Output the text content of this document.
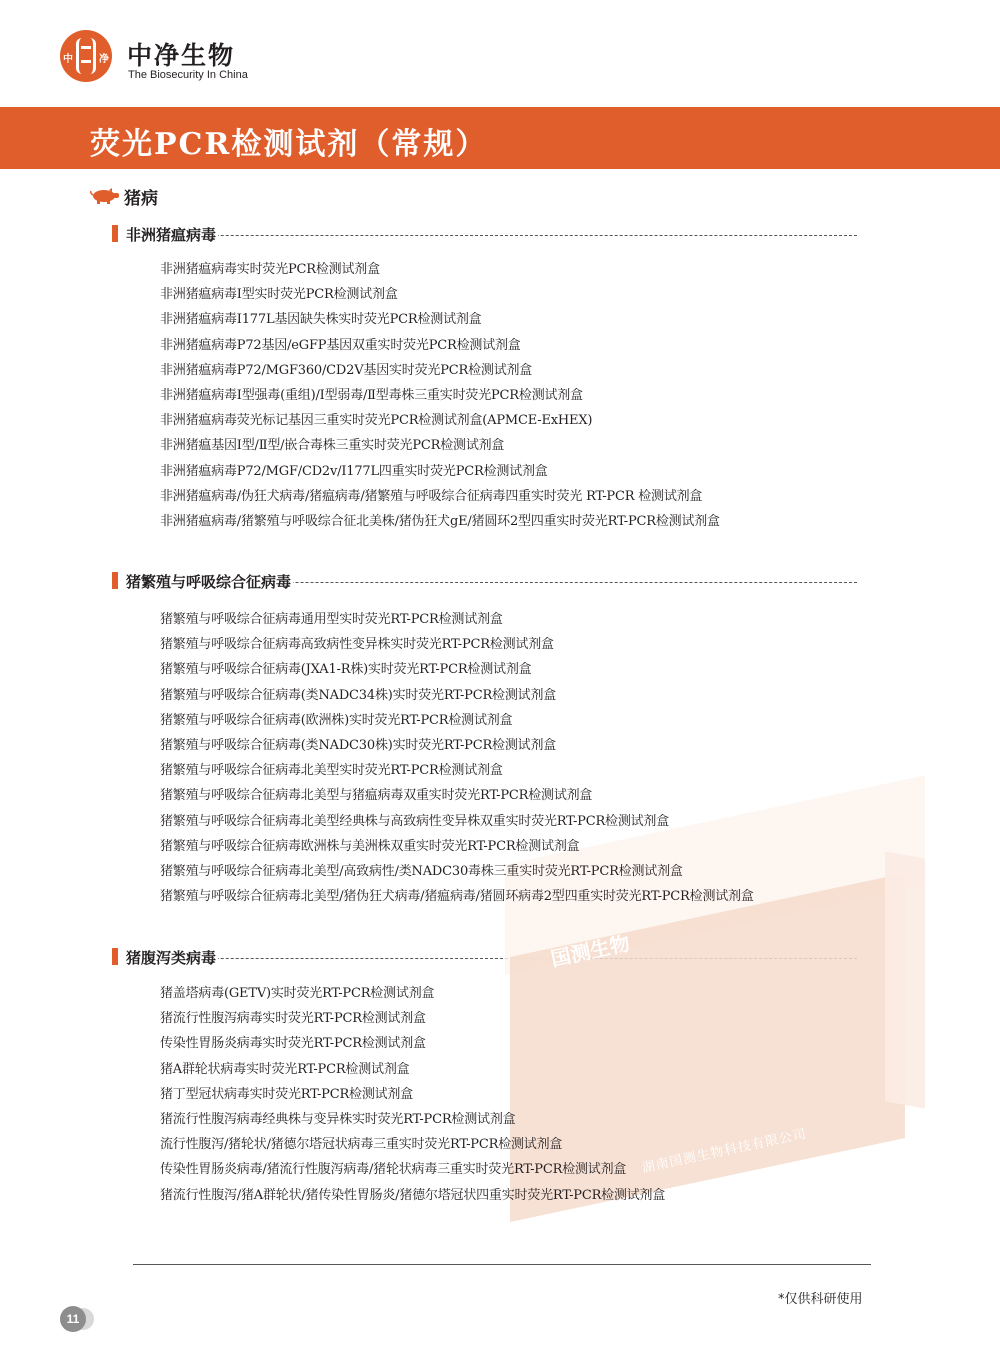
中	净 中净生物
The Biosecurity In China
荧光PCR检测试剂（常规）
猪病
非洲猪瘟病毒
非洲猪瘟病毒实时荧光PCR检测试剂盒
非洲猪瘟病毒I型实时荧光PCR检测试剂盒
非洲猪瘟病毒I177L基因缺失株实时荧光PCR检测试剂盒
非洲猪瘟病毒P72基因/eGFP基因双重实时荧光PCR检测试剂盒
非洲猪瘟病毒P72/MGF360/CD2V基因实时荧光PCR检测试剂盒
非洲猪瘟病毒I型强毒(重组)/I型弱毒/Ⅱ型毒株三重实时荧光PCR检测试剂盒
非洲猪瘟病毒荧光标记基因三重实时荧光PCR检测试剂盒(APMCE-ExHEX)
非洲猪瘟基因I型/Ⅱ型/嵌合毒株三重实时荧光PCR检测试剂盒
非洲猪瘟病毒P72/MGF/CD2v/I177L四重实时荧光PCR检测试剂盒
非洲猪瘟病毒/伪狂犬病毒/猪瘟病毒/猪繁殖与呼吸综合征病毒四重实时荧光 RT-PCR 检测试剂盒
非洲猪瘟病毒/猪繁殖与呼吸综合征北美株/猪伪狂犬gE/猪圆环2型四重实时荧光RT-PCR检测试剂盒
猪繁殖与呼吸综合征病毒
猪繁殖与呼吸综合征病毒通用型实时荧光RT-PCR检测试剂盒
猪繁殖与呼吸综合征病毒高致病性变异株实时荧光RT-PCR检测试剂盒
猪繁殖与呼吸综合征病毒(JXA1-R株)实时荧光RT-PCR检测试剂盒
猪繁殖与呼吸综合征病毒(类NADC34株)实时荧光RT-PCR检测试剂盒
猪繁殖与呼吸综合征病毒(欧洲株)实时荧光RT-PCR检测试剂盒
猪繁殖与呼吸综合征病毒(类NADC30株)实时荧光RT-PCR检测试剂盒
猪繁殖与呼吸综合征病毒北美型实时荧光RT-PCR检测试剂盒
猪繁殖与呼吸综合征病毒北美型与猪瘟病毒双重实时荧光RT-PCR检测试剂盒
猪繁殖与呼吸综合征病毒北美型经典株与高致病性变异株双重实时荧光RT-PCR检测试剂盒
猪繁殖与呼吸综合征病毒欧洲株与美洲株双重实时荧光RT-PCR检测试剂盒
猪繁殖与呼吸综合征病毒北美型/高致病性/类NADC30毒株三重实时荧光RT-PCR检测试剂盒
猪繁殖与呼吸综合征病毒北美型/猪伪狂犬病毒/猪瘟病毒/猪圆环病毒2型四重实时荧光RT-PCR检测试剂盒
猪腹泻类病毒
猪盖塔病毒(GETV)实时荧光RT-PCR检测试剂盒
猪流行性腹泻病毒实时荧光RT-PCR检测试剂盒
传染性胃肠炎病毒实时荧光RT-PCR检测试剂盒
猪A群轮状病毒实时荧光RT-PCR检测试剂盒
猪丁型冠状病毒实时荧光RT-PCR检测试剂盒
猪流行性腹泻病毒经典株与变异株实时荧光RT-PCR检测试剂盒
流行性腹泻/猪轮状/猪德尔塔冠状病毒三重实时荧光RT-PCR检测试剂盒
传染性胃肠炎病毒/猪流行性腹泻病毒/猪轮状病毒三重实时荧光RT-PCR检测试剂盒
猪流行性腹泻/猪A群轮状/猪传染性胃肠炎/猪德尔塔冠状四重实时荧光RT-PCR检测试剂盒
国测生物
湖南国测生物科技有限公司
*仅供科研使用
11
